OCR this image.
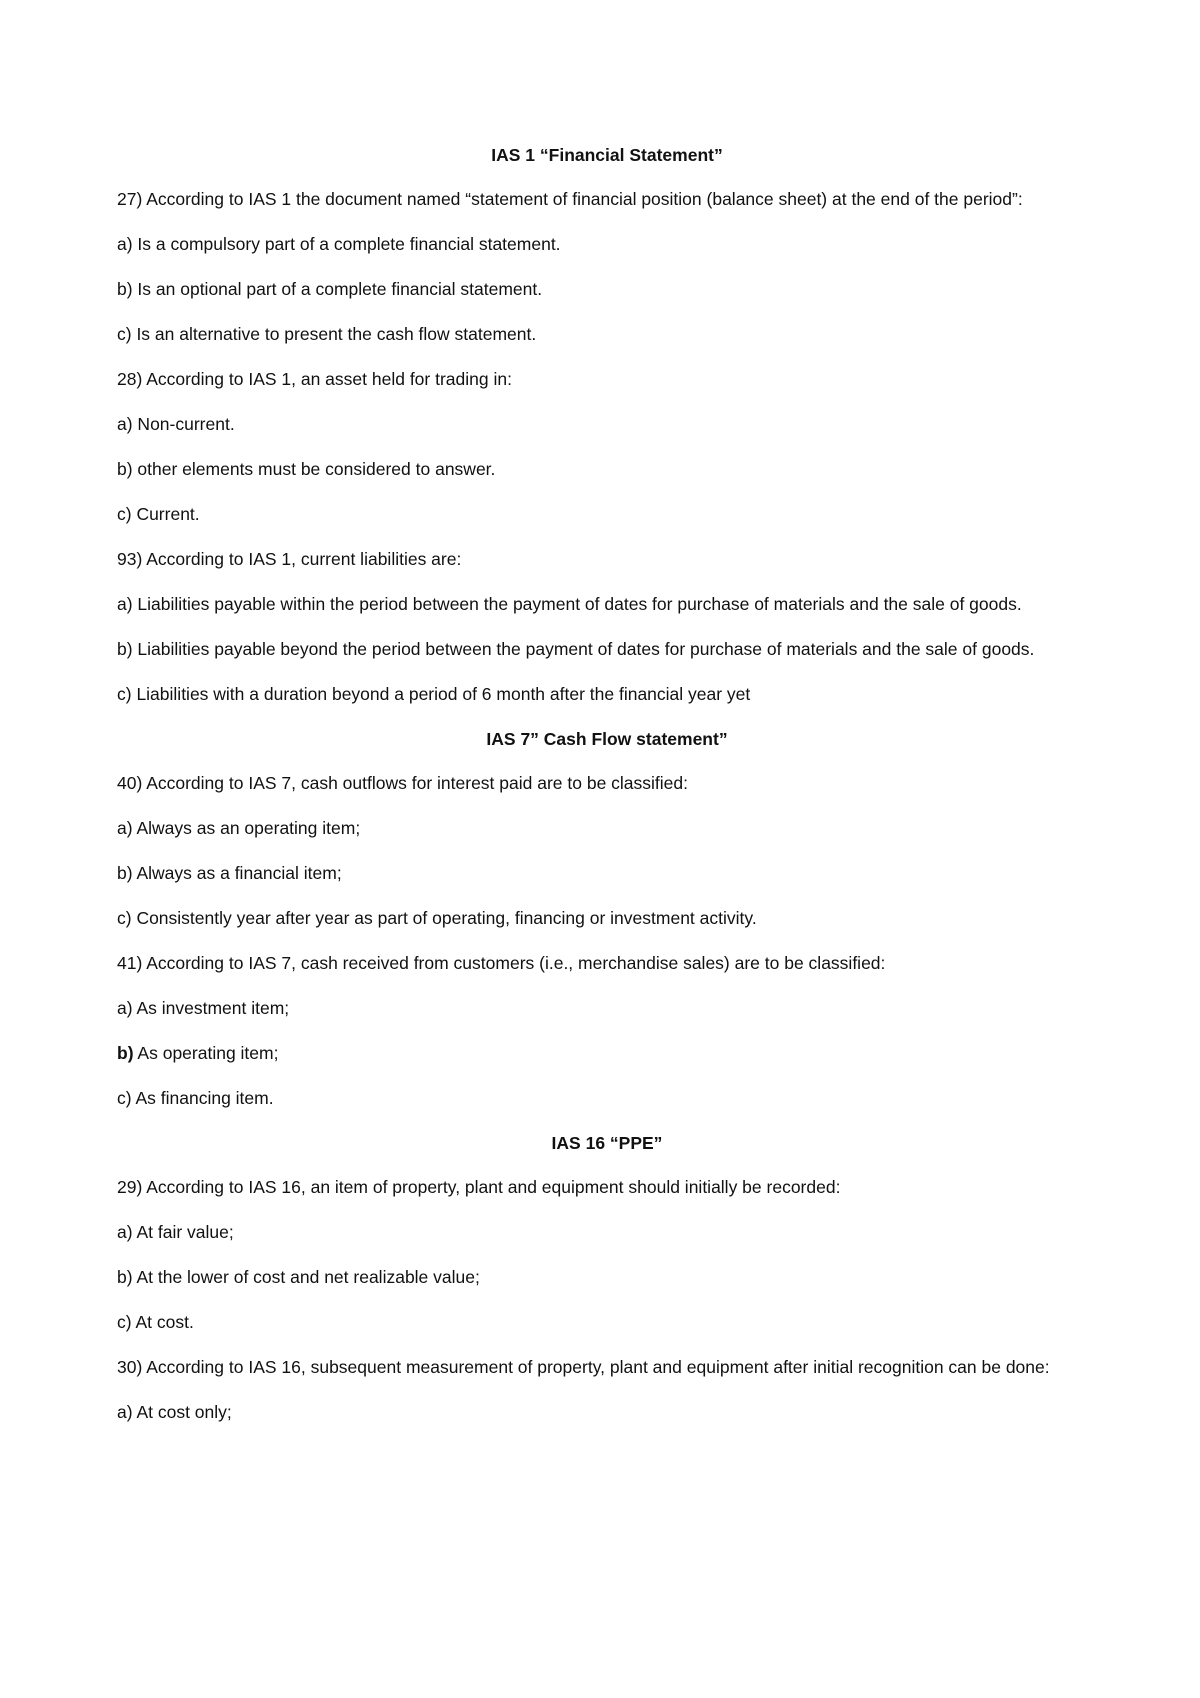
IAS 1 “Financial Statement”
27) According to IAS 1 the document named “statement of financial position (balance sheet) at the end of the period”:
a) Is a compulsory part of a complete financial statement.
b) Is an optional part of a complete financial statement.
c) Is an alternative to present the cash flow statement.
28) According to IAS 1, an asset held for trading in:
a) Non-current.
b) other elements must be considered to answer.
c) Current.
93) According to IAS 1, current liabilities are:
a) Liabilities payable within the period between the payment of dates for purchase of materials and the sale of goods.
b) Liabilities payable beyond the period between the payment of dates for purchase of materials and the sale of goods.
c) Liabilities with a duration beyond a period of 6 month after the financial year yet
IAS 7” Cash Flow statement”
40) According to IAS 7, cash outflows for interest paid are to be classified:
a) Always as an operating item;
b) Always as a financial item;
c) Consistently year after year as part of operating, financing or investment activity.
41) According to IAS 7, cash received from customers (i.e., merchandise sales) are to be classified:
a) As investment item;
b) As operating item;
c) As financing item.
IAS 16 “PPE”
29) According to IAS 16, an item of property, plant and equipment should initially be recorded:
a) At fair value;
b) At the lower of cost and net realizable value;
c) At cost.
30) According to IAS 16, subsequent measurement of property, plant and equipment after initial recognition can be done:
a) At cost only;
